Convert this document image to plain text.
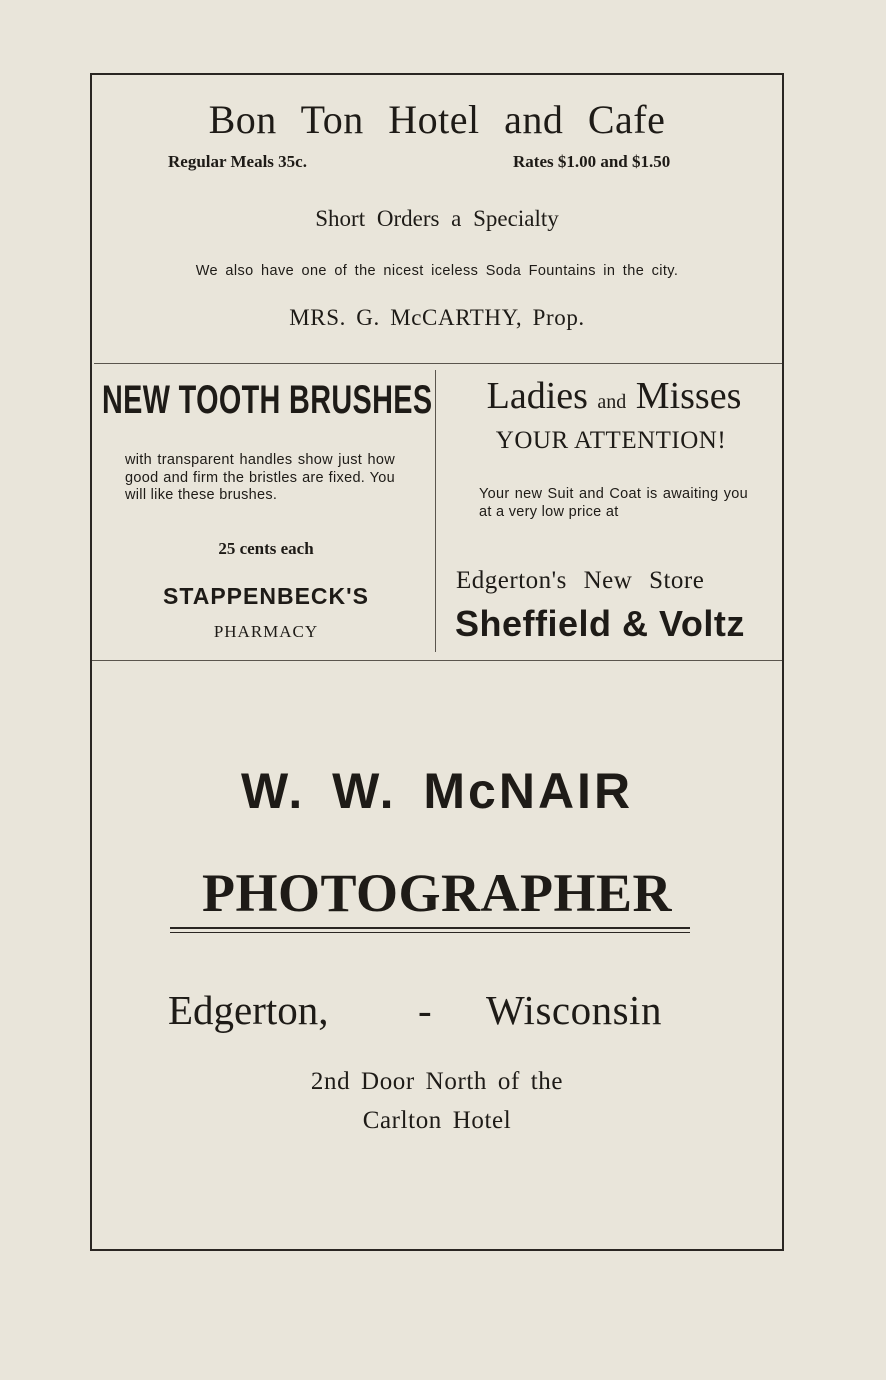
Bon Ton Hotel and Cafe
Regular Meals 35c.	Rates $1.00 and $1.50
Short Orders a Specialty
We also have one of the nicest iceless Soda Fountains in the city.
MRS. G. McCARTHY, Prop.
NEW TOOTH BRUSHES
with transparent handles show just how good and firm the bristles are fixed. You will like these brushes.
25 cents each
STAPPENBECK'S
PHARMACY
Ladies and Misses
YOUR ATTENTION!
Your new Suit and Coat is awaiting you at a very low price at
Edgerton's New Store
Sheffield & Voltz
W. W. McNAIR
PHOTOGRAPHER
Edgerton, - Wisconsin
2nd Door North of the
Carlton Hotel
